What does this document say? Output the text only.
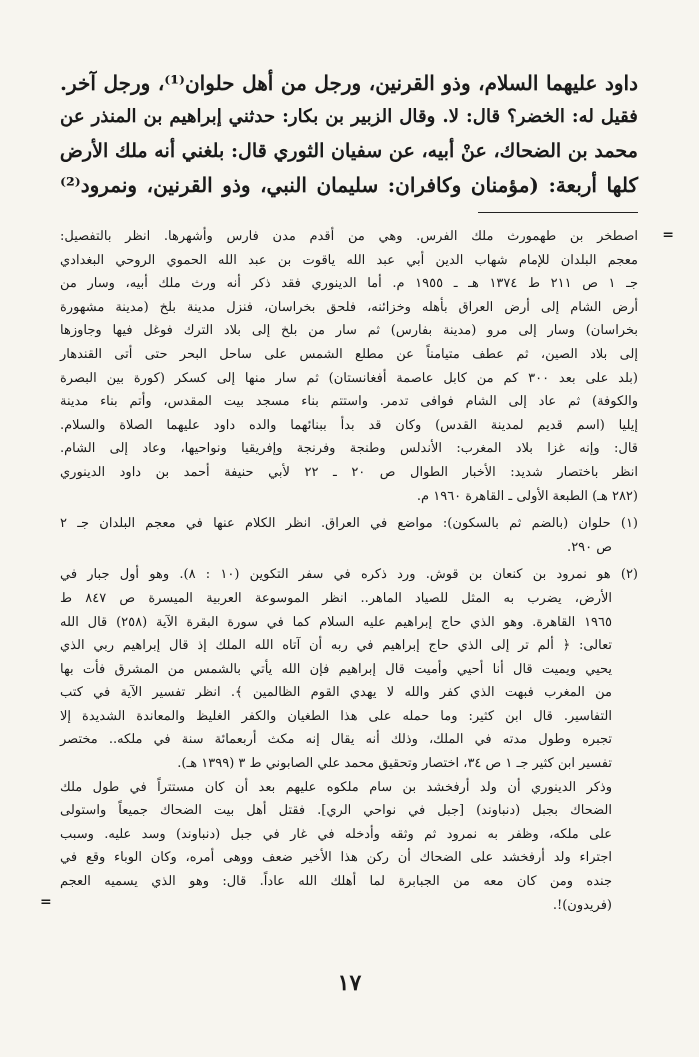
داود عليهما السلام، وذو القرنين، ورجل من أهل حلوان⁽¹⁾، ورجل آخر.

فقيل له: الخضر؟ قال: لا. وقال الزبير بن بكار: حدثني إبراهيم بن المنذر عن

محمد بن الضحاك، عنْ أبيه، عن سفيان الثوري قال: بلغني أنه ملك الأرض

كلها أربعة: (مؤمنان وكافران: سليمان النبي، وذو القرنين، ونمرود⁽²⁾

=

اصطخر بن طهمورث ملك الفرس. وهي من أقدم مدن فارس وأشهرها. انظر بالتفصيل:

معجم البلدان للإمام شهاب الدين أبي عبد الله ياقوت بن عبد الله الحموي الروحي البغدادي

جـ ١ ص ٢١١ ط ١٣٧٤ هـ ـ ١٩٥٥ م. أما الدينوري فقد ذكر أنه ورث ملك أبيه، وسار من

أرض الشام إلى أرض العراق بأهله وخزائنه، فلحق بخراسان، فنزل مدينة بلخ (مدينة مشهورة

بخراسان) وسار إلى مرو (مدينة بفارس) ثم سار من بلخ إلى بلاد الترك فوغل فيها وجاوزها

إلى بلاد الصين، ثم عطف متيامناً عن مطلع الشمس على ساحل البحر حتى أتى القندهار

(بلد على بعد ٣٠٠ كم من كابل عاصمة أفغانستان) ثم سار منها إلى كسكر (كورة بين البصرة

والكوفة) ثم عاد إلى الشام فوافى تدمر. واستتم بناء مسجد بيت المقدس، وأتم بناء مدينة

إيليا (اسم قديم لمدينة القدس) وكان قد بدأ ببنائهما والده داود عليهما الصلاة والسلام.

قال: وإنه غزا بلاد المغرب: الأندلس وطنجة وفرنجة وإفريقيا ونواحيها، وعاد إلى الشام.

انظر باختصار شديد: الأخبار الطوال ص ٢٠ ـ ٢٢ لأبي حنيفة أحمد بن داود الدينوري

(٢٨٢ هـ) الطبعة الأولى ـ القاهرة ١٩٦٠ م.

(١) حلوان (بالضم ثم بالسكون): مواضع في العراق. انظر الكلام عنها في معجم البلدان جـ ٢

ص ٢٩٠.

(٢) هو نمرود بن كنعان بن قوش. ورد ذكره في سفر التكوين (١٠ : ٨). وهو أول جبار في

الأرض، يضرب به المثل للصياد الماهر.. انظر الموسوعة العربية الميسرة ص ٨٤٧ ط

١٩٦٥ القاهرة. وهو الذي حاج إبراهيم عليه السلام كما في سورة البقرة الآية (٢٥٨) قال الله

تعالى: ﴿ ألم تر إلى الذي حاج إبراهيم في ربه أن آتاه الله الملك إذ قال إبراهيم ربي الذي

يحيي ويميت قال أنا أحيي وأميت قال إبراهيم فإن الله يأتي بالشمس من المشرق فأت بها

من المغرب فبهت الذي كفر والله لا يهدي القوم الظالمين ﴾. انظر تفسير الآية في كتب

التفاسير. قال ابن كثير: وما حمله على هذا الطغيان والكفر الغليظ والمعاندة الشديدة إلا

تجبره وطول مدته في الملك، وذلك أنه يقال إنه مكث أربعمائة سنة في ملكه.. مختصر

تفسير ابن كثير جـ ١ ص ٣٤، اختصار وتحقيق محمد علي الصابوني ط ٣ (١٣٩٩ هـ).

وذكر الدينوري أن ولد أرفخشد بن سام ملكوه عليهم بعد أن كان مستتراً في طول ملك

الضحاك بجبل (دنباوند) [جبل في نواحي الري]. فقتل أهل بيت الضحاك جميعاً واستولى

على ملكه، وظفر به نمرود ثم وثقه وأدخله في غار في جبل (دنباوند) وسد عليه. وسبب

اجتراء ولد أرفخشد على الضحاك أن ركن هذا الأخير ضعف ووهى أمره، وكان الوباء وقع في

جنده ومن كان معه من الجبابرة لما أهلك الله عاداً. قال: وهو الذي يسميه العجم

(فريدون)!.

=
١٧
